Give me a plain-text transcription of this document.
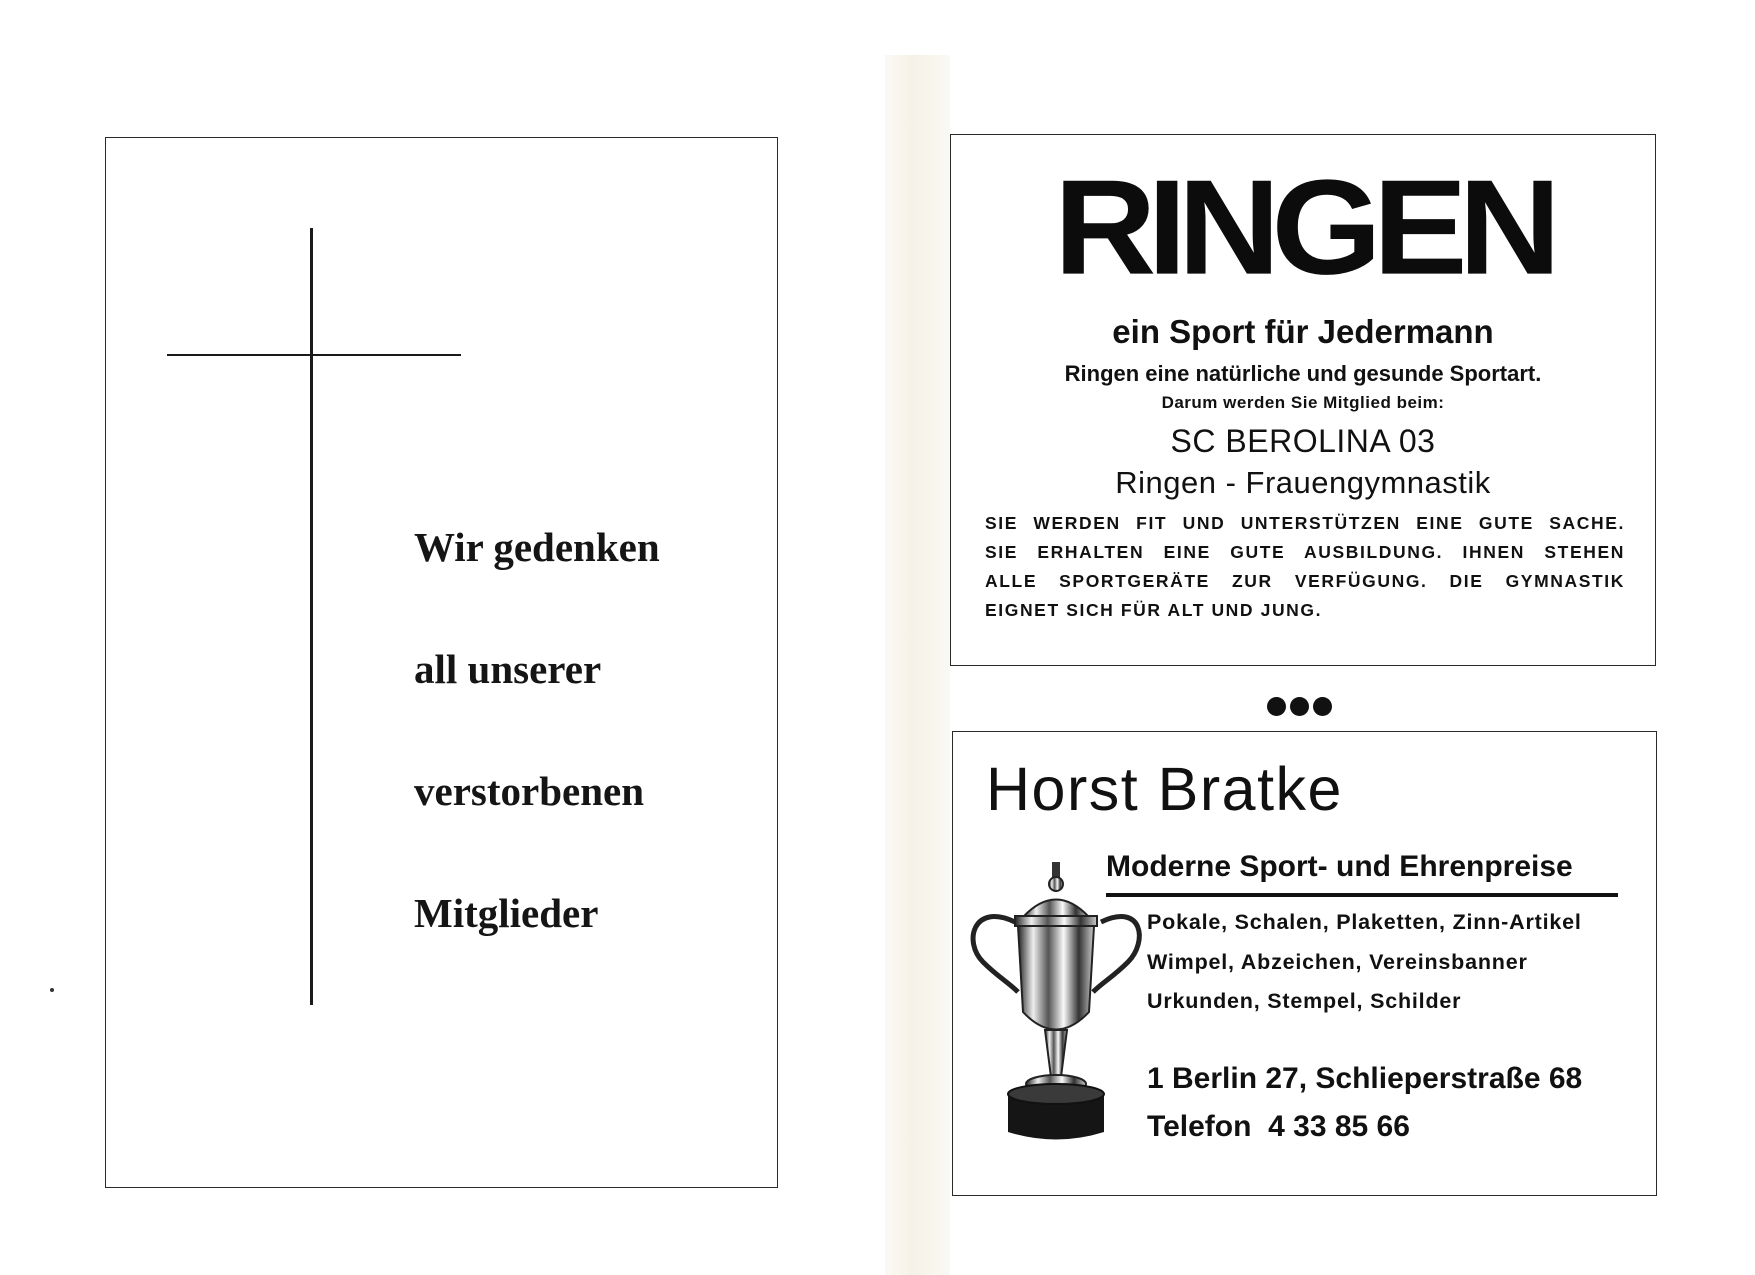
Wir gedenken
all unserer
verstorbenen
Mitglieder
RINGEN
ein Sport für Jedermann
Ringen eine natürliche und gesunde Sportart.
Darum werden Sie Mitglied beim:
SC BEROLINA 03
Ringen - Frauengymnastik
SIE WERDEN FIT UND UNTERSTÜTZEN EINE GUTE SACHE.
SIE ERHALTEN EINE GUTE AUSBILDUNG. IHNEN STEHEN
ALLE SPORTGERÄTE ZUR VERFÜGUNG. DIE GYMNASTIK
EIGNET SICH FÜR ALT UND JUNG.
Horst Bratke
Moderne Sport- und Ehrenpreise
Pokale, Schalen, Plaketten, Zinn-Artikel
Wimpel, Abzeichen, Vereinsbanner
Urkunden, Stempel, Schilder
1 Berlin 27, Schlieperstraße 68
Telefon  4 33 85 66
